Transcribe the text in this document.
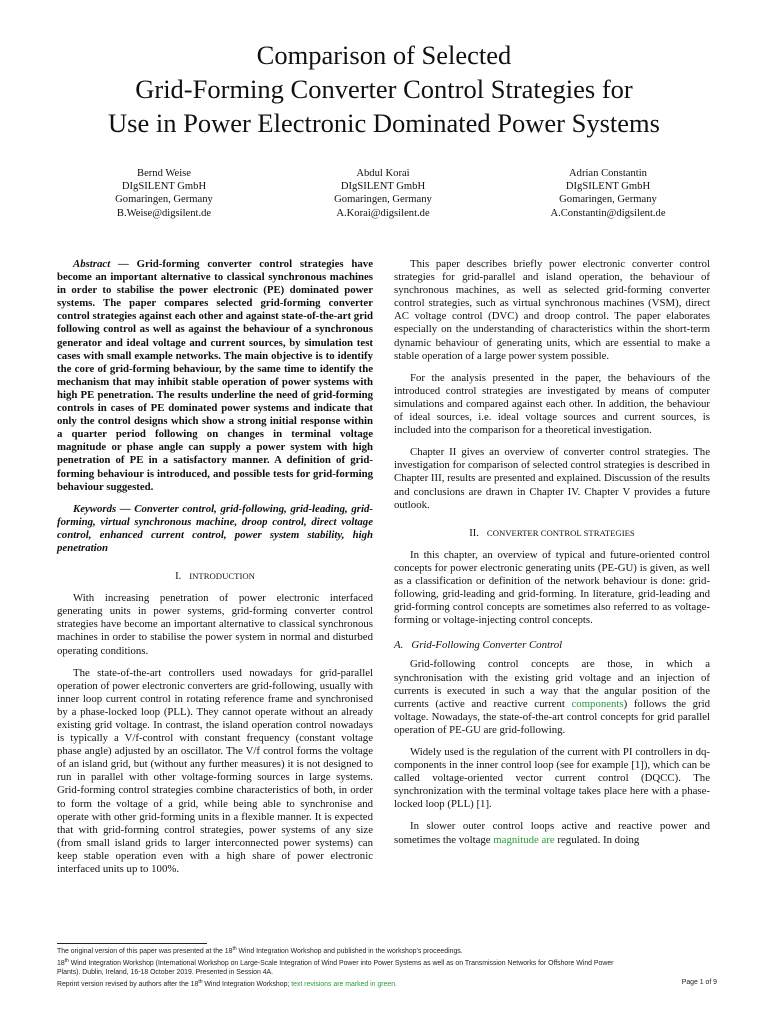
Comparison of Selected
Grid-Forming Converter Control Strategies for
Use in Power Electronic Dominated Power Systems
Bernd Weise
DIgSILENT GmbH
Gomaringen, Germany
B.Weise@digsilent.de
Abdul Korai
DIgSILENT GmbH
Gomaringen, Germany
A.Korai@digsilent.de
Adrian Constantin
DIgSILENT GmbH
Gomaringen, Germany
A.Constantin@digsilent.de

Abstract — Grid-forming converter control strategies have become an important alternative to classical synchronous machines in order to stabilise the power electronic (PE) dominated power systems. The paper compares selected grid-forming converter control strategies against each other and against state-of-the-art grid following control as well as against the behaviour of a synchronous generator and ideal voltage and current sources, by simulation test cases with small example networks. The main objective is to identify the core of grid-forming behaviour, by the same time to identify the mechanism that may inhibit stable operation of power systems with high PE penetration. The results underline the need of grid-forming controls in cases of PE dominated power systems and indicate that only the control designs which show a strong initial response within a quarter period following on changes in terminal voltage magnitude or phase angle can supply a power system with high penetration of PE in a satisfactory manner. A definition of grid-forming behaviour is introduced, and possible tests for grid-forming behaviour suggested.

Keywords — Converter control, grid-following, grid-leading, grid-forming, virtual synchronous machine, droop control, direct voltage control, enhanced current control, power system stability, high penetration

I. INTRODUCTION

With increasing penetration of power electronic interfaced generating units in power systems, grid-forming converter control strategies have become an important alternative to classical synchronous machines in order to stabilise the power system in normal and disturbed operating conditions.

The state-of-the-art controllers used nowadays for grid-parallel operation of power electronic converters are grid-following, usually with inner loop current control in rotating reference frame and synchronised by a phase-locked loop (PLL). They cannot operate without an already existing grid voltage. In contrast, the island operation control nowadays is typically a V/f-control with constant frequency (constant voltage phase angle) adjusted by an oscillator. The V/f control forms the voltage of an island grid, but (without any further measures) it is not designed to run in parallel with other voltage-forming sources in large systems. Grid-forming control strategies combine characteristics of both, in order to form the voltage of a grid, while being able to synchronise and operate with other grid-forming units in a flexible manner. It is expected that with grid-forming control strategies, power systems of any size (from small island grids to larger interconnected power systems) can keep stable operation even with a high share of power electronic interfaced units up to 100%.

This paper describes briefly power electronic converter control strategies for grid-parallel and island operation, the behaviour of synchronous machines, as well as selected grid-forming converter control strategies, such as virtual synchronous machines (VSM), direct AC voltage control (DVC) and droop control. The paper elaborates especially on the understanding of characteristics within the short-term dynamic behaviour of generating units, which are essential to make a stable operation of a large power system possible.

For the analysis presented in the paper, the behaviours of the introduced control strategies are investigated by means of computer simulations and compared against each other. In addition, the behaviour of ideal sources, i.e. ideal voltage sources and current sources, is included into the comparison for a theoretical investigation.

Chapter II gives an overview of converter control strategies. The investigation for comparison of selected control strategies is described in Chapter III, results are presented and explained. Discussion of the results and conclusions are drawn in Chapter IV. Chapter V provides a future outlook.

II. CONVERTER CONTROL STRATEGIES

In this chapter, an overview of typical and future-oriented control concepts for power electronic generating units (PE-GU) is given, as well as a classification or definition of the network behaviour is done: grid-following, grid-leading and grid-forming. In literature, grid-leading and grid-forming control concepts are sometimes also referred to as voltage-forming or voltage-injecting control concepts.

A. Grid-Following Converter Control

Grid-following control concepts are those, in which a synchronisation with the existing grid voltage and an injection of currents is executed in such a way that the angular position of the currents (active and reactive current components) follows the grid voltage. Nowadays, the state-of-the-art control concepts for grid parallel operation of PE-GU are grid-following.

Widely used is the regulation of the current with PI controllers in dq-components in the inner control loop (see for example [1]), which can be called voltage-oriented vector current control (DQCC). The synchronization with the terminal voltage takes place here with a phase-locked loop (PLL) [1].

In slower outer control loops active and reactive power and sometimes the voltage magnitude are regulated. In doing

The original version of this paper was presented at the 18th Wind Integration Workshop and published in the workshop's proceedings.
18th Wind Integration Workshop (International Workshop on Large-Scale Integration of Wind Power into Power Systems as well as on Transmission Networks for Offshore Wind Power
Plants). Dublin, Ireland, 16-18 October 2019. Presented in Session 4A.
Reprint version revised by authors after the 18th Wind Integration Workshop; text revisions are marked in green.	Page 1 of 9
